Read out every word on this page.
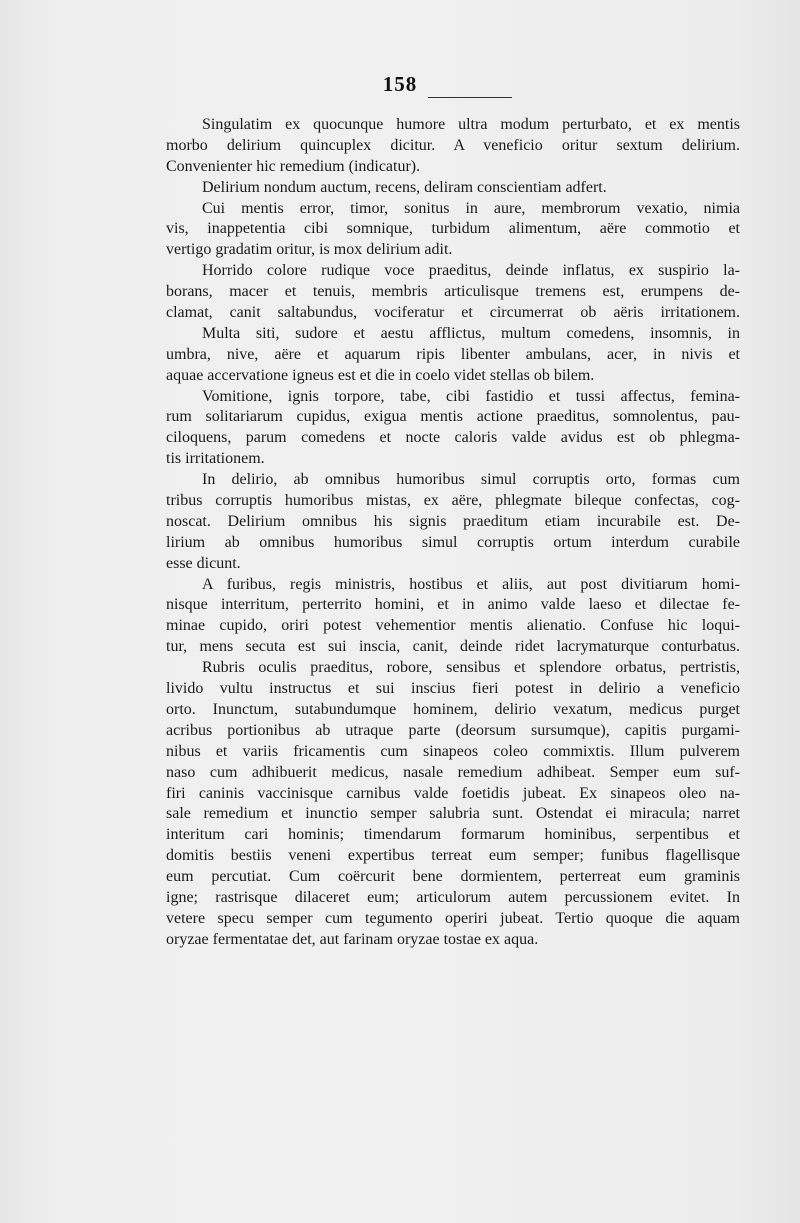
158
Singulatim ex quocunque humore ultra modum perturbato, et ex mentis
morbo delirium quincuplex dicitur. A veneficio oritur sextum delirium.
Convenienter hic remedium (indicatur).
Delirium nondum auctum, recens, deliram conscientiam adfert.
Cui mentis error, timor, sonitus in aure, membrorum vexatio, nimia
vis, inappetentia cibi somnique, turbidum alimentum, aëre commotio et
vertigo gradatim oritur, is mox delirium adit.
Horrido colore rudique voce praeditus, deinde inflatus, ex suspirio la-
borans, macer et tenuis, membris articulisque tremens est, erumpens de-
clamat, canit saltabundus, vociferatur et circumerrat ob aëris irritationem.
Multa siti, sudore et aestu afflictus, multum comedens, insomnis, in
umbra, nive, aëre et aquarum ripis libenter ambulans, acer, in nivis et
aquae accervatione igneus est et die in coelo videt stellas ob bilem.
Vomitione, ignis torpore, tabe, cibi fastidio et tussi affectus, femina-
rum solitariarum cupidus, exigua mentis actione praeditus, somnolentus, pau-
ciloquens, parum comedens et nocte caloris valde avidus est ob phlegma-
tis irritationem.
In delirio, ab omnibus humoribus simul corruptis orto, formas cum
tribus corruptis humoribus mistas, ex aëre, phlegmate bileque confectas, cog-
noscat. Delirium omnibus his signis praeditum etiam incurabile est. De-
lirium ab omnibus humoribus simul corruptis ortum interdum curabile
esse dicunt.
A furibus, regis ministris, hostibus et aliis, aut post divitiarum homi-
nisque interritum, perterrito homini, et in animo valde laeso et dilectae fe-
minae cupido, oriri potest vehementior mentis alienatio. Confuse hic loqui-
tur, mens secuta est sui inscia, canit, deinde ridet lacrymaturque conturbatus.
Rubris oculis praeditus, robore, sensibus et splendore orbatus, pertristis,
livido vultu instructus et sui inscius fieri potest in delirio a veneficio
orto. Inunctum, sutabundumque hominem, delirio vexatum, medicus purget
acribus portionibus ab utraque parte (deorsum sursumque), capitis purgami-
nibus et variis fricamentis cum sinapeos coleo commixtis. Illum pulverem
naso cum adhibuerit medicus, nasale remedium adhibeat. Semper eum suf-
firi caninis vaccinisque carnibus valde foetidis jubeat. Ex sinapeos oleo na-
sale remedium et inunctio semper salubria sunt. Ostendat ei miracula; narret
interitum cari hominis; timendarum formarum hominibus, serpentibus et
domitis bestiis veneni expertibus terreat eum semper; funibus flagellisque
eum percutiat. Cum coërcurit bene dormientem, perterreat eum graminis
igne; rastrisque dilaceret eum; articulorum autem percussionem evitet. In
vetere specu semper cum tegumento operiri jubeat. Tertio quoque die aquam
oryzae fermentatae det, aut farinam oryzae tostae ex aqua.
